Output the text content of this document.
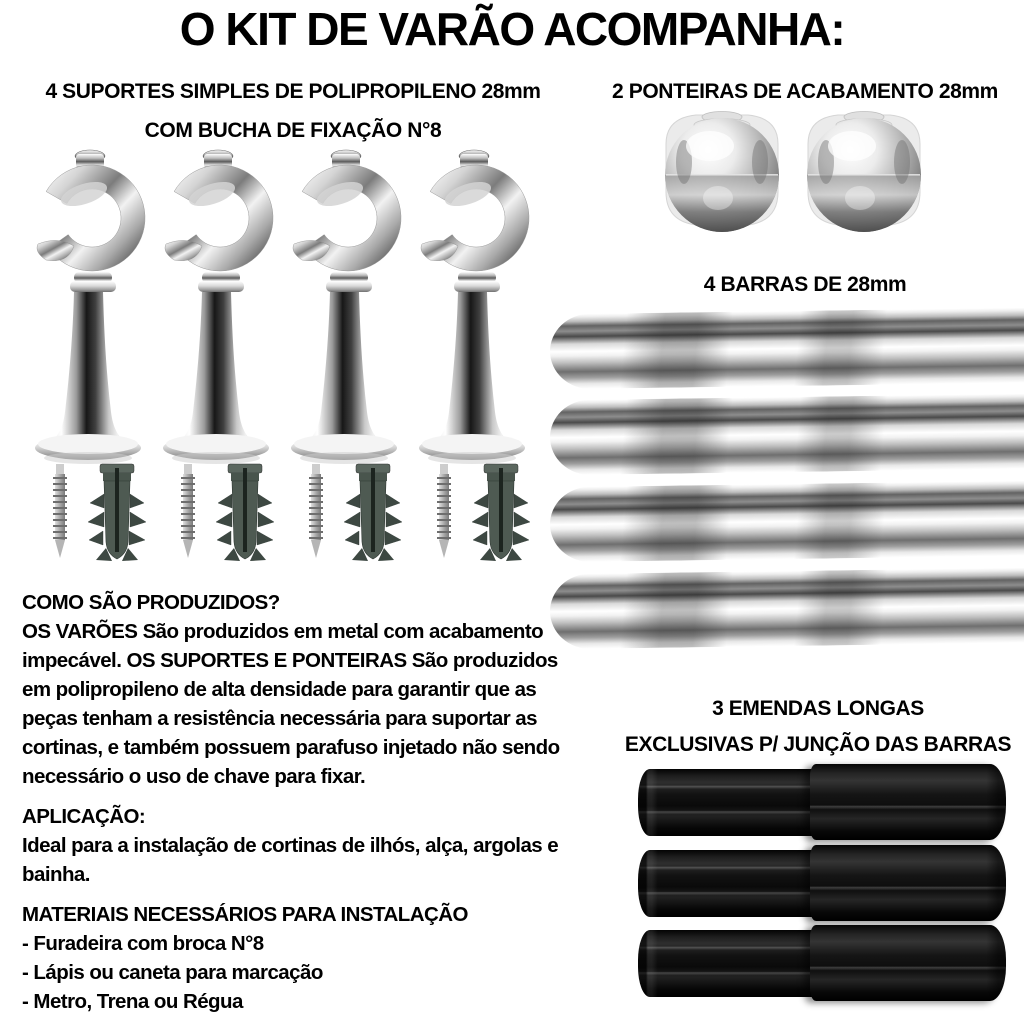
O KIT DE VARÃO ACOMPANHA:
4 SUPORTES SIMPLES DE POLIPROPILENO 28mm
COM BUCHA DE FIXAÇÃO N°8
2 PONTEIRAS DE ACABAMENTO 28mm
4 BARRAS DE 28mm
COMO SÃO PRODUZIDOS?
OS VARÕES São produzidos em metal com acabamento impecável. OS SUPORTES E PONTEIRAS São produzidos em polipropileno de alta densidade para garantir que as peças tenham a resistência necessária para suportar as cortinas, e também possuem parafuso injetado não sendo necessário o uso de chave para fixar.
APLICAÇÃO:
Ideal para a instalação de cortinas de ilhós, alça, argolas e bainha.
MATERIAIS NECESSÁRIOS PARA INSTALAÇÃO
- Furadeira com broca N°8
- Lápis ou caneta para marcação
- Metro, Trena ou Régua
3 EMENDAS LONGAS
EXCLUSIVAS P/ JUNÇÃO DAS BARRAS
